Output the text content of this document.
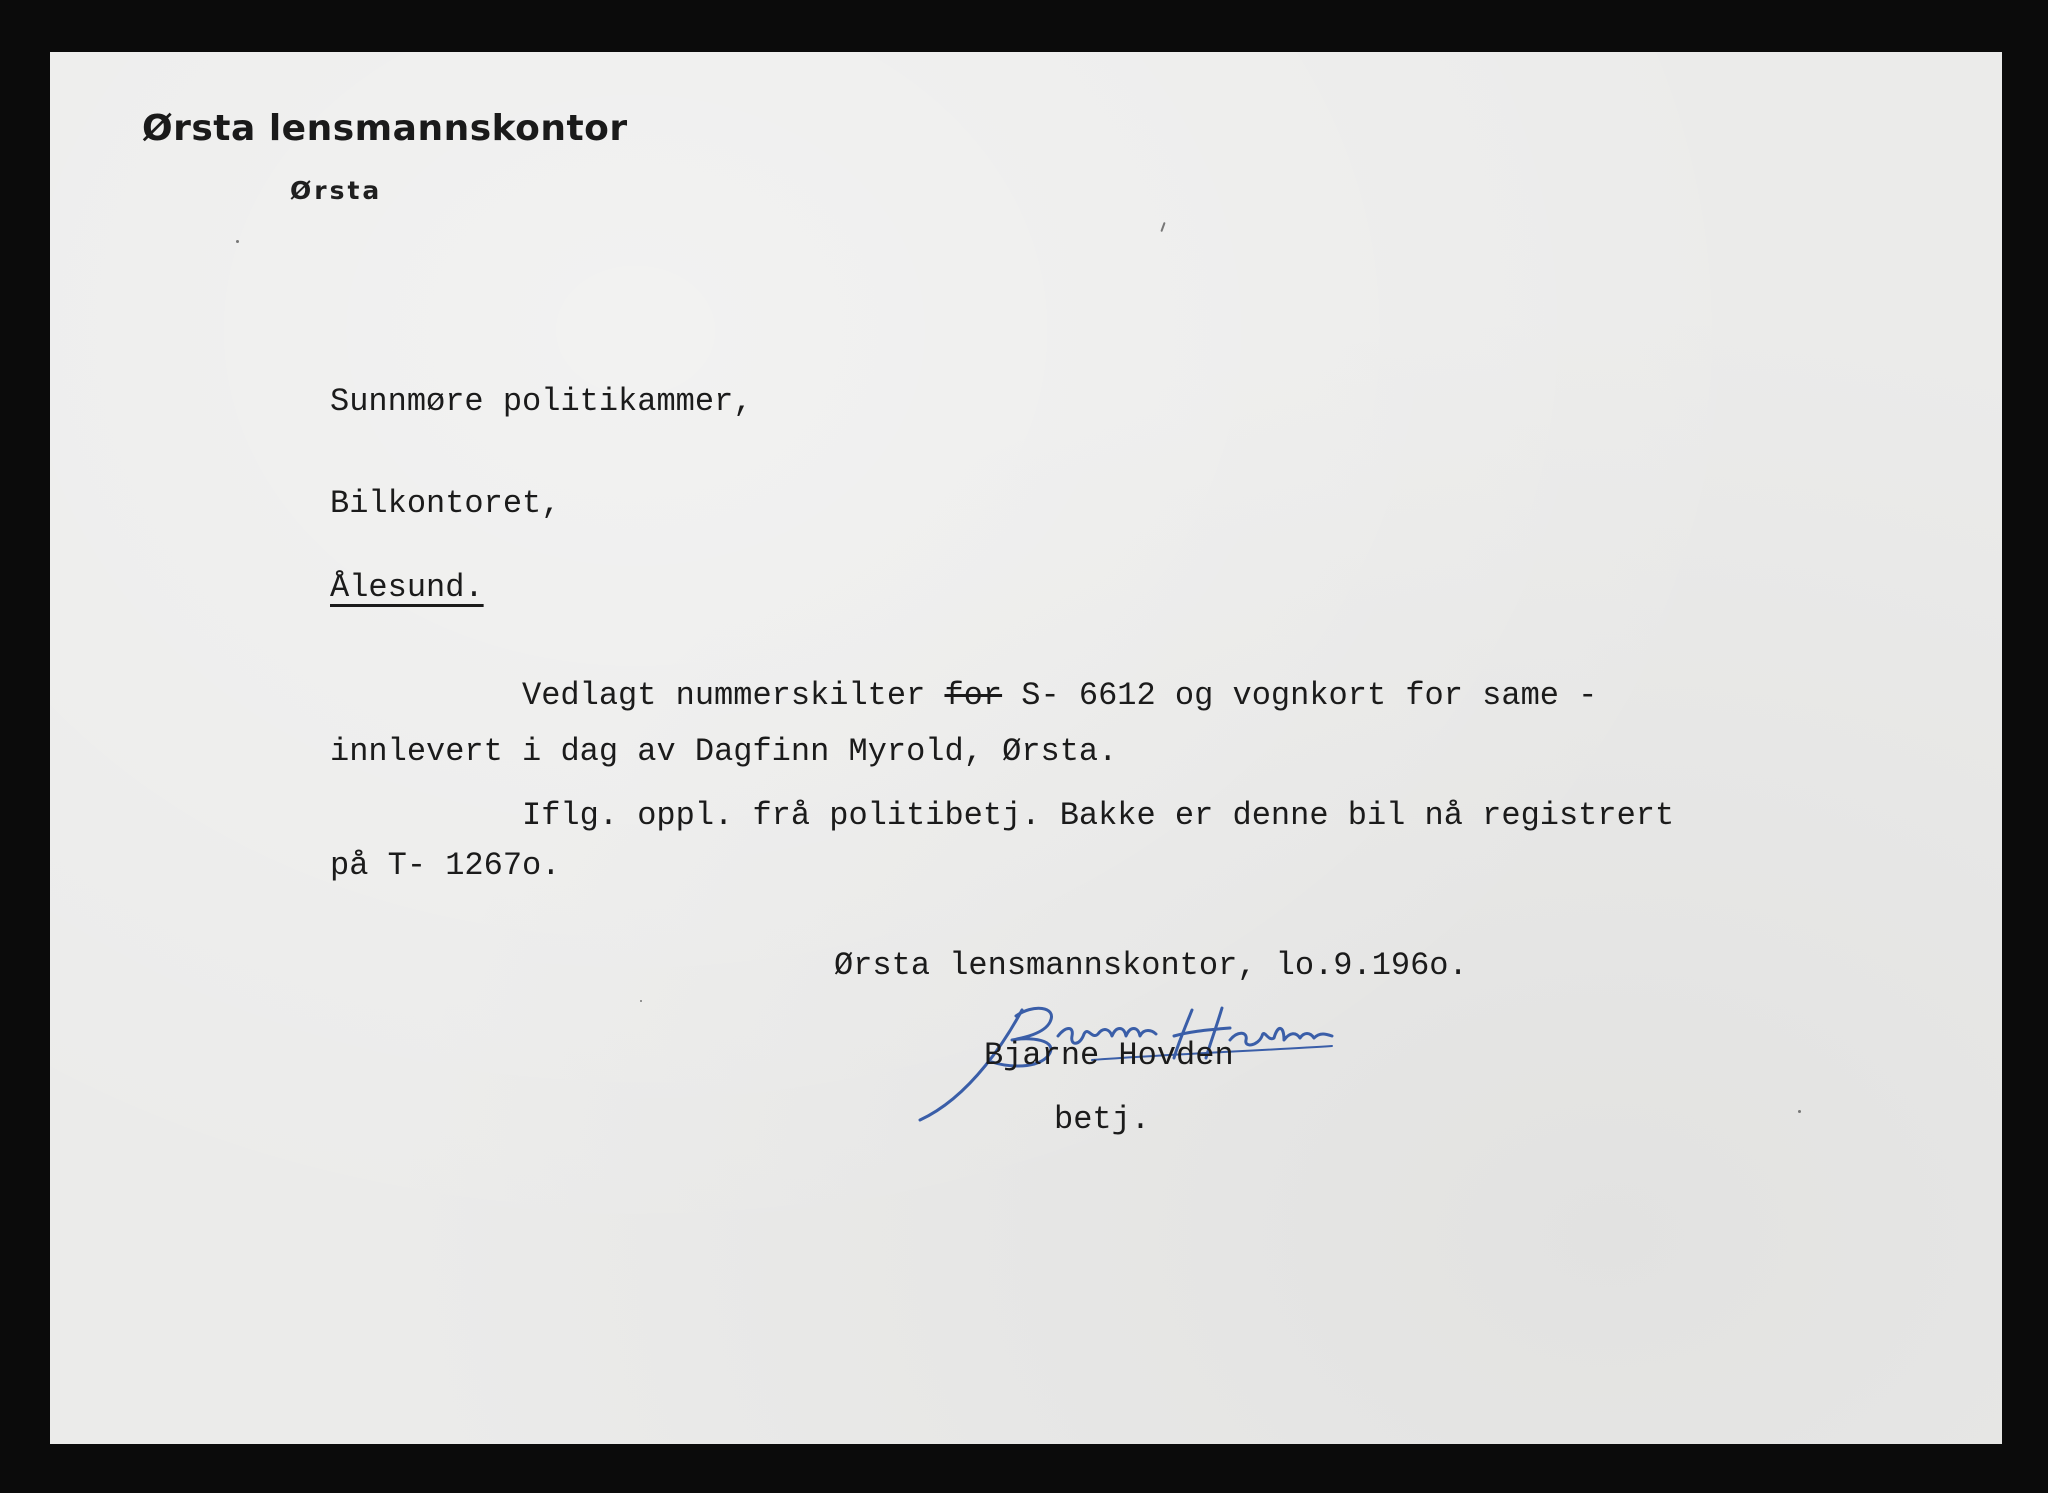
Ørsta lensmannskontor
Ørsta
Sunnmøre politikammer,
Bilkontoret,
Ålesund.
Vedlagt nummerskilter for S- 6612 og vognkort for same -
innlevert i dag av Dagfinn Myrold, Ørsta.
Iflg. oppl. frå politibetj. Bakke er denne bil nå registrert
på T- 1267o.
Ørsta lensmannskontor, lo.9.196o.
Bjarne Hovden
betj.
